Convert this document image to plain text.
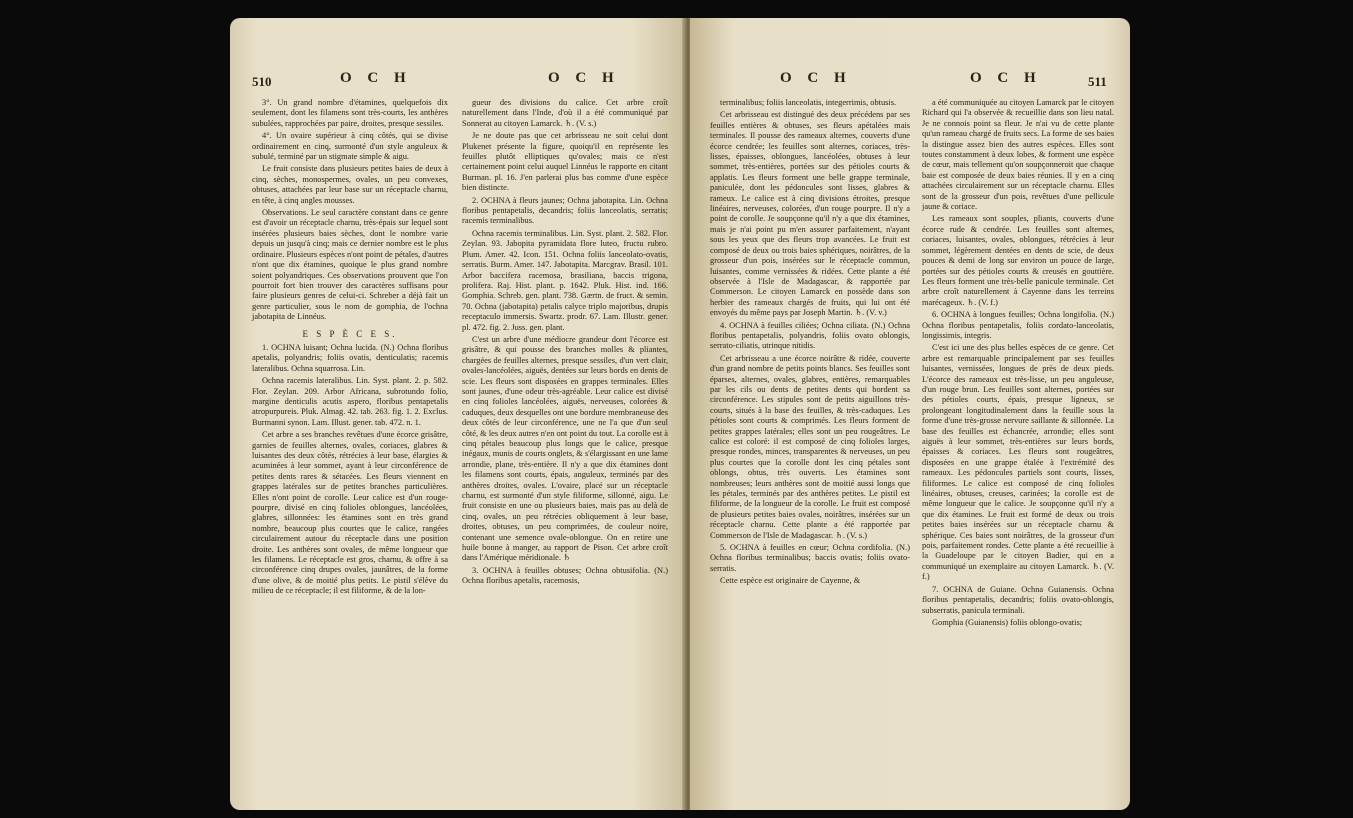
510	O C H	O C H

3°. Un grand nombre d'étamines, quelquefois dix seulement, dont les filamens sont très-courts, les anthères subulées, rapprochées par paire, droites, presque sessiles.

4°. Un ovaire supérieur à cinq côtés, qui se divise ordinairement en cinq, surmonté d'un style anguleux & subulé, terminé par un stigmate simple & aigu.

Le fruit consiste dans plusieurs petites baies de deux à cinq, sèches, monospermes, ovales, un peu convexes, obtuses, attachées par leur base sur un réceptacle charnu, en tête, à cinq angles mousses.

Observations. Le seul caractère constant dans ce genre est d'avoir un réceptacle charnu, très-épais sur lequel sont insérées plusieurs baies sèches, dont le nombre varie depuis un jusqu'à cinq; mais ce dernier nombre est le plus ordinaire. Plusieurs espèces n'ont point de pétales, d'autres n'ont que dix étamines, quoique le plus grand nombre soient polyandriques. Ces observations prouvent que l'on pourroit fort bien trouver des caractères suffisans pour faire plusieurs genres de celui-ci. Schreber a déjà fait un genre particulier, sous le nom de gomphia, de l'ochna jabotapita de Linnéus.

E S P È C E S.

1. OCHNA luisant; Ochna lucida. (N.) Ochna floribus apetalis, polyandris; foliis ovatis, denticulatis; racemis lateralibus. Ochna squarrosa. Lin.

Ochna racemis lateralibus. Lin. Syst. plant. 2. p. 582. Flor. Zeylan. 209. Arbor Africana, subrotundo folio, margine denticulis acutis aspero, floribus pentapetalis atropurpureis. Pluk. Almag. 42. tab. 263. fig. 1. 2. Exclus. Burmanni synon. Lam. Illust. gener. tab. 472. n. 1.

Cet arbre a ses branches revêtues d'une écorce grisâtre, garnies de feuilles alternes, ovales, coriaces, glabres & luisantes des deux côtés, rétrécies à leur base, élargies & acuminées à leur sommet, ayant à leur circonférence de petites dents rares & sétacées. Les fleurs viennent en grappes latérales sur de petites branches particulières. Elles n'ont point de corolle. Leur calice est d'un rouge-pourpre, divisé en cinq folioles oblongues, lancéolées, glabres, sillonnées: les étamines sont en très grand nombre, beaucoup plus courtes que le calice, rangées circulairement autour du réceptacle dans une position droite. Les anthères sont ovales, de même longueur que les filamens. Le réceptacle est gros, charnu, & offre à sa circonférence cinq drupes ovales, jaunâtres, de la forme d'une olive, & de moitié plus petits. Le pistil s'élève du milieu de ce réceptacle; il est filiforme, & de la lon-

gueur des divisions du calice. Cet arbre croît naturellement dans l'Inde, d'où il a été communiqué par Sonnerat au citoyen Lamarck. ♄. (V. s.)

Je ne doute pas que cet arbrisseau ne soit celui dont Plukenet présente la figure, quoiqu'il en représente les feuilles plutôt elliptiques qu'ovales; mais ce n'est certainement point celui auquel Linnéus le rapporte en citant Burman. pl. 16. J'en parlerai plus bas comme d'une espèce bien distincte.

2. OCHNA à fleurs jaunes; Ochna jabotapita. Lin. Ochna floribus pentapetalis, decandris; foliis lanceolatis, serratis; racemis terminalibus.

Ochna racemis terminalibus. Lin. Syst. plant. 2. 582. Flor. Zeylan. 93. Jabopita pyramidata flore luteo, fructu rubro. Plum. Amer. 42. Icon. 151. Ochna foliis lanceolato-ovatis, serratis. Burm. Amer. 147. Jabotapita. Marcgrav. Brasil. 101. Arbor baccifera racemosa, brasiliana, baccis trigona, prolifera. Raj. Hist. plant. p. 1642. Pluk. Hist. ind. 166. Gomphia. Schreb. gen. plant. 738. Gærtn. de fruct. & semin. 70. Ochna (jabotapita) petalis calyce triplo majoribus, drupis receptaculo immersis. Swartz. prodr. 67. Lam. Illustr. gener. pl. 472. fig. 2. Juss. gen. plant.

C'est un arbre d'une médiocre grandeur dont l'écorce est grisâtre, & qui pousse des branches molles & pliantes, chargées de feuilles alternes, presque sessiles, d'un vert clair, ovales-lancéolées, aiguës, dentées sur leurs bords en dents de scie. Les fleurs sont disposées en grappes terminales. Elles sont jaunes, d'une odeur très-agréable. Leur calice est divisé en cinq folioles lancéolées, aiguës, nerveuses, colorées & caduques, deux desquelles ont une bordure membraneuse des deux côtés de leur circonférence, une ne l'a que d'un seul côté, & les deux autres n'en ont point du tout. La corolle est à cinq pétales beaucoup plus longs que le calice, presque inégaux, munis de courts onglets, & s'élargissant en une lame arrondie, plane, très-entière. Il n'y a que dix étamines dont les filamens sont courts, épais, anguleux, terminés par des anthères droites, ovales. L'ovaire, placé sur un réceptacle charnu, est surmonté d'un style filiforme, sillonné, aigu. Le fruit consiste en une ou plusieurs baies, mais pas au delà de cinq, ovales, un peu rétrécies obliquement à leur base, droites, obtuses, un peu comprimées, de couleur noire, contenant une semence ovale-oblongue. On en retire une huile bonne à manger, au rapport de Pison. Cet arbre croît dans l'Amérique méridionale. ♄

3. OCHNA à feuilles obtuses; Ochna obtusifolia. (N.) Ochna floribus apetalis, racemosis,

O C H	O C H	511

terminalibus; foliis lanceolatis, integerrimis, obtusis.

Cet arbrisseau est distingué des deux précédens par ses feuilles entières & obtuses, ses fleurs apétalées mais terminales. Il pousse des rameaux alternes, couverts d'une écorce cendrée; les feuilles sont alternes, coriaces, très-lisses, épaisses, oblongues, lancéolées, obtuses à leur sommet, très-entières, portées sur des pétioles courts & applatis. Les fleurs forment une belle grappe terminale, paniculée, dont les pédoncules sont lisses, glabres & rameux. Le calice est à cinq divisions étroites, presque linéaires, nerveuses, colorées, d'un rouge pourpre. Il n'y a point de corolle. Je soupçonne qu'il n'y a que dix étamines, mais je n'ai point pu m'en assurer parfaitement, n'ayant sous les yeux que des fleurs trop avancées. Le fruit est composé de deux ou trois baies sphériques, noirâtres, de la grosseur d'un pois, insérées sur le réceptacle commun, luisantes, comme vernissées & ridées. Cette plante a été observée à l'Isle de Madagascar, & rapportée par Commerson. Le citoyen Lamarck en possède dans son herbier des rameaux chargés de fruits, qui lui ont été envoyés du même pays par Joseph Martin. ♄. (V. v.)

4. OCHNA à feuilles ciliées; Ochna ciliata. (N.) Ochna floribus pentapetalis, polyandris, foliis ovato oblongis, serrato-ciliatis, utrinque nitidis.

Cet arbrisseau a une écorce noirâtre & ridée, couverte d'un grand nombre de petits points blancs. Ses feuilles sont éparses, alternes, ovales, glabres, entières, remarquables par les cils ou dents de petites dents qui bordent sa circonférence. Les stipules sont de petits aiguillons très-courts, situés à la base des feuilles, & très-caduques. Les pétioles sont courts & comprimés. Les fleurs forment de petites grappes latérales; elles sont un peu rougeâtres. Le calice est coloré: il est composé de cinq folioles larges, presque rondes, minces, transparentes & nerveuses, un peu plus courtes que la corolle dont les cinq pétales sont oblongs, obtus, très ouverts. Les étamines sont nombreuses; leurs anthères sont de moitié aussi longs que les pétales, terminés par des anthères petites. Le pistil est filiforme, de la longueur de la corolle. Le fruit est composé de plusieurs petites baies ovales, noirâtres, insérées sur un réceptacle charnu. Cette plante a été rapportée par Commerson de l'Isle de Madagascar. ♄. (V. s.)

5. OCHNA à feuilles en cœur; Ochna cordifolia. (N.) Ochna floribus terminalibus; baccis ovatis; foliis ovato-serratis.

Cette espèce est originaire de Cayenne, &

a été communiquée au citoyen Lamarck par le citoyen Richard qui l'a observée & recueillie dans son lieu natal. Je ne connois point sa fleur. Je n'ai vu de cette plante qu'un rameau chargé de fruits secs. La forme de ses baies la distingue assez bien des autres espèces. Elles sont toutes constamment à deux lobes, & forment une espèce de cœur, mais tellement qu'on soupçonneroit que chaque baie est composée de deux baies réunies. Il y en a cinq attachées circulairement sur un réceptacle charnu. Elles sont de la grosseur d'un pois, revêtues d'une pellicule jaune & coriace.

Les rameaux sont souples, pliants, couverts d'une écorce rude & cendrée. Les feuilles sont alternes, coriaces, luisantes, ovales, oblongues, rétrécies à leur sommet, légèrement dentées en dents de scie, de deux pouces & demi de long sur environ un pouce de large, portées sur des pétioles courts & creusés en gouttière. Les fleurs forment une très-belle panicule terminale. Cet arbre croît naturellement à Cayenne dans les terreins marécageux. ♄. (V. f.)

6. OCHNA à longues feuilles; Ochna longifolia. (N.) Ochna floribus pentapetalis, foliis cordato-lanceolatis, longissimis, integris.

C'est ici une des plus belles espèces de ce genre. Cet arbre est remarquable principalement par ses feuilles luisantes, vernissées, longues de près de deux pieds. L'écorce des rameaux est très-lisse, un peu anguleuse, d'un rouge brun. Les feuilles sont alternes, portées sur des pétioles courts, épais, presque ligneux, se prolongeant longitudinalement dans la feuille sous la forme d'une très-grosse nervure saillante & sillonnée. La base des feuilles est échancrée, arrondie; elles sont aiguës à leur sommet, très-entières sur leurs bords, épaisses & coriaces. Les fleurs sont rougeâtres, disposées en une grappe étalée à l'extrémité des rameaux. Les pédoncules partiels sont courts, lisses, filiformes. Le calice est composé de cinq folioles linéaires, obtuses, creuses, carinées; la corolle est de même longueur que le calice. Je soupçonne qu'il n'y a que dix étamines. Le fruit est formé de deux ou trois petites baies insérées sur un réceptacle charnu & sphérique. Ces baies sont noirâtres, de la grosseur d'un pois, parfaitement rondes. Cette plante a été recueillie à la Guadeloupe par le citoyen Badier, qui en a communiqué un exemplaire au citoyen Lamarck. ♄. (V. f.)

7. OCHNA de Guiane. Ochna Guianensis. Ochna floribus pentapetalis, decandris; foliis ovato-oblongis, subserratis, panicula terminali.

Gomphia (Guianensis) foliis oblongo-ovatis;
